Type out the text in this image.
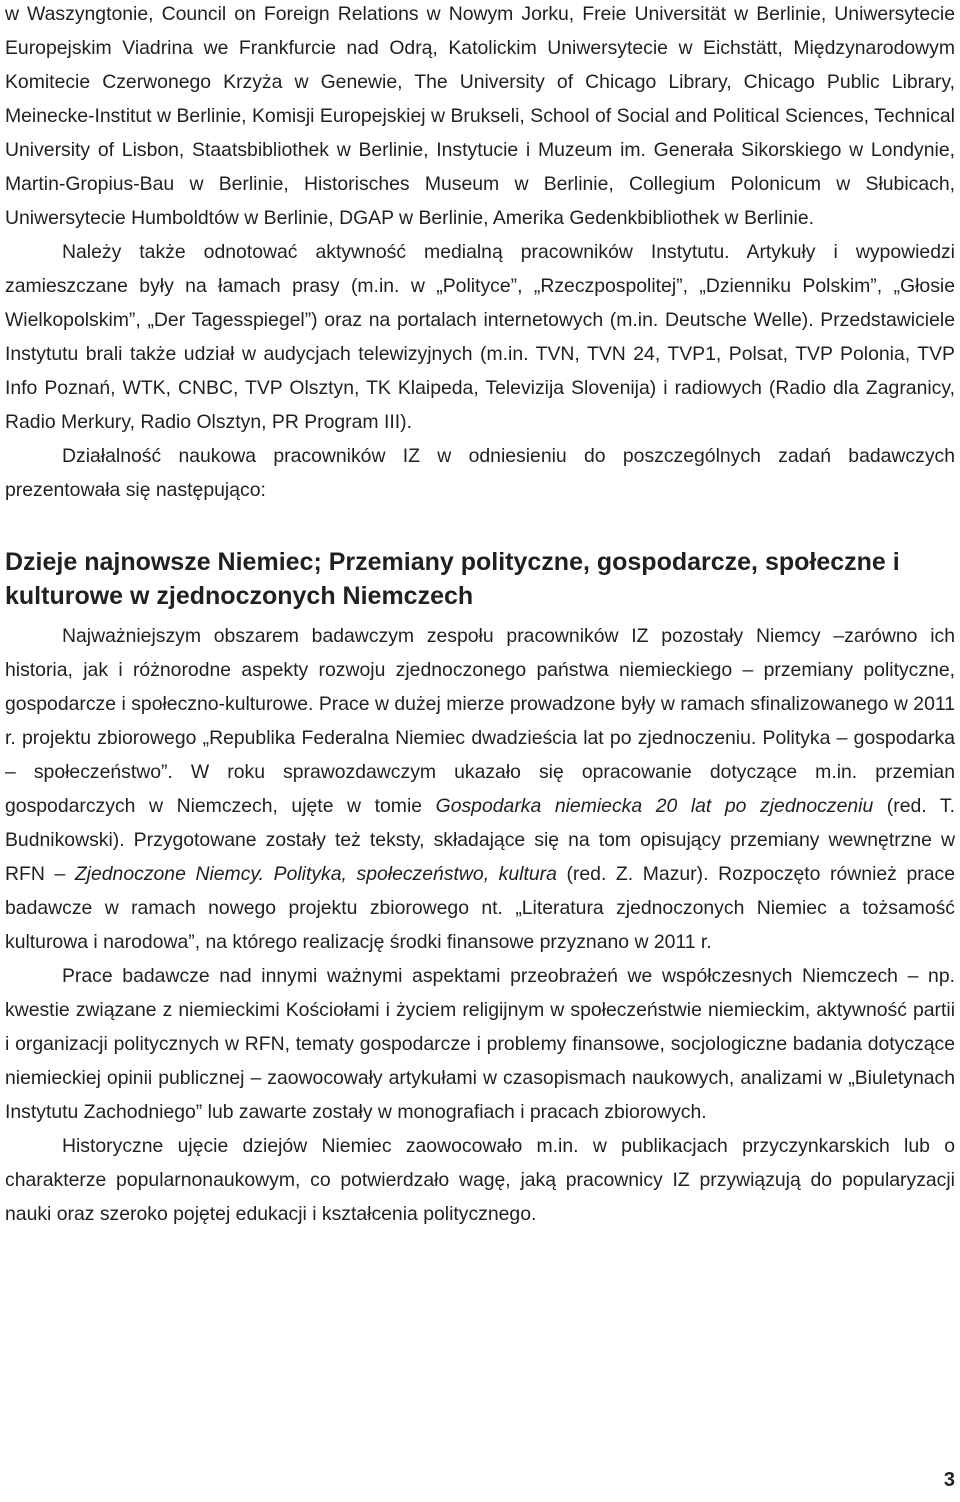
w Waszyngtonie, Council on Foreign Relations w Nowym Jorku, Freie Universität w Berlinie, Uniwersytecie Europejskim Viadrina we Frankfurcie nad Odrą, Katolickim Uniwersytecie w Eichstätt, Międzynarodowym Komitecie Czerwonego Krzyża w Genewie, The University of Chicago Library, Chicago Public Library, Meinecke-Institut w Berlinie, Komisji Europejskiej w Brukseli, School of Social and Political Sciences, Technical University of Lisbon, Staatsbibliothek w Berlinie, Instytucie i Muzeum im. Generała Sikorskiego w Londynie, Martin-Gropius-Bau w Berlinie, Historisches Museum w Berlinie, Collegium Polonicum w Słubicach, Uniwersytecie Humboldtów w Berlinie, DGAP w Berlinie, Amerika Gedenkbibliothek w Berlinie.

Należy także odnotować aktywność medialną pracowników Instytutu. Artykuły i wypowiedzi zamieszczane były na łamach prasy (m.in. w „Polityce”, „Rzeczpospolitej”, „Dzienniku Polskim”, „Głosie Wielkopolskim”, „Der Tagesspiegel”) oraz na portalach internetowych (m.in. Deutsche Welle). Przedstawiciele Instytutu brali także udział w audycjach telewizyjnych (m.in. TVN, TVN 24, TVP1, Polsat, TVP Polonia, TVP Info Poznań, WTK, CNBC, TVP Olsztyn, TK Klaipeda, Televizija Slovenija) i radiowych (Radio dla Zagranicy, Radio Merkury, Radio Olsztyn, PR Program III).

Działalność naukowa pracowników IZ w odniesieniu do poszczególnych zadań badawczych prezentowała się następująco:

Dzieje najnowsze Niemiec; Przemiany polityczne, gospodarcze, społeczne i kulturowe w zjednoczonych Niemczech

Najważniejszym obszarem badawczym zespołu pracowników IZ pozostały Niemcy –zarówno ich historia, jak i różnorodne aspekty rozwoju zjednoczonego państwa niemieckiego – przemiany polityczne, gospodarcze i społeczno-kulturowe. Prace w dużej mierze prowadzone były w ramach sfinalizowanego w 2011 r. projektu zbiorowego „Republika Federalna Niemiec dwadzieścia lat po zjednoczeniu. Polityka – gospodarka – społeczeństwo”. W roku sprawozdawczym ukazało się opracowanie dotyczące m.in. przemian gospodarczych w Niemczech, ujęte w tomie Gospodarka niemiecka 20 lat po zjednoczeniu (red. T. Budnikowski). Przygotowane zostały też teksty, składające się na tom opisujący przemiany wewnętrzne w RFN – Zjednoczone Niemcy. Polityka, społeczeństwo, kultura (red. Z. Mazur). Rozpoczęto również prace badawcze w ramach nowego projektu zbiorowego nt. „Literatura zjednoczonych Niemiec a tożsamość kulturowa i narodowa”, na którego realizację środki finansowe przyznano w 2011 r.

Prace badawcze nad innymi ważnymi aspektami przeobrażeń we współczesnych Niemczech – np. kwestie związane z niemieckimi Kościołami i życiem religijnym w społeczeństwie niemieckim, aktywność partii i organizacji politycznych w RFN, tematy gospodarcze i problemy finansowe, socjologiczne badania dotyczące niemieckiej opinii publicznej – zaowocowały artykułami w czasopismach naukowych, analizami w „Biuletynach Instytutu Zachodniego” lub zawarte zostały w monografiach i pracach zbiorowych.

Historyczne ujęcie dziejów Niemiec zaowocowało m.in. w publikacjach przyczynkarskich lub o charakterze popularnonaukowym, co potwierdzało wagę, jaką pracownicy IZ przywiązują do popularyzacji nauki oraz szeroko pojętej edukacji i kształcenia politycznego.

3
